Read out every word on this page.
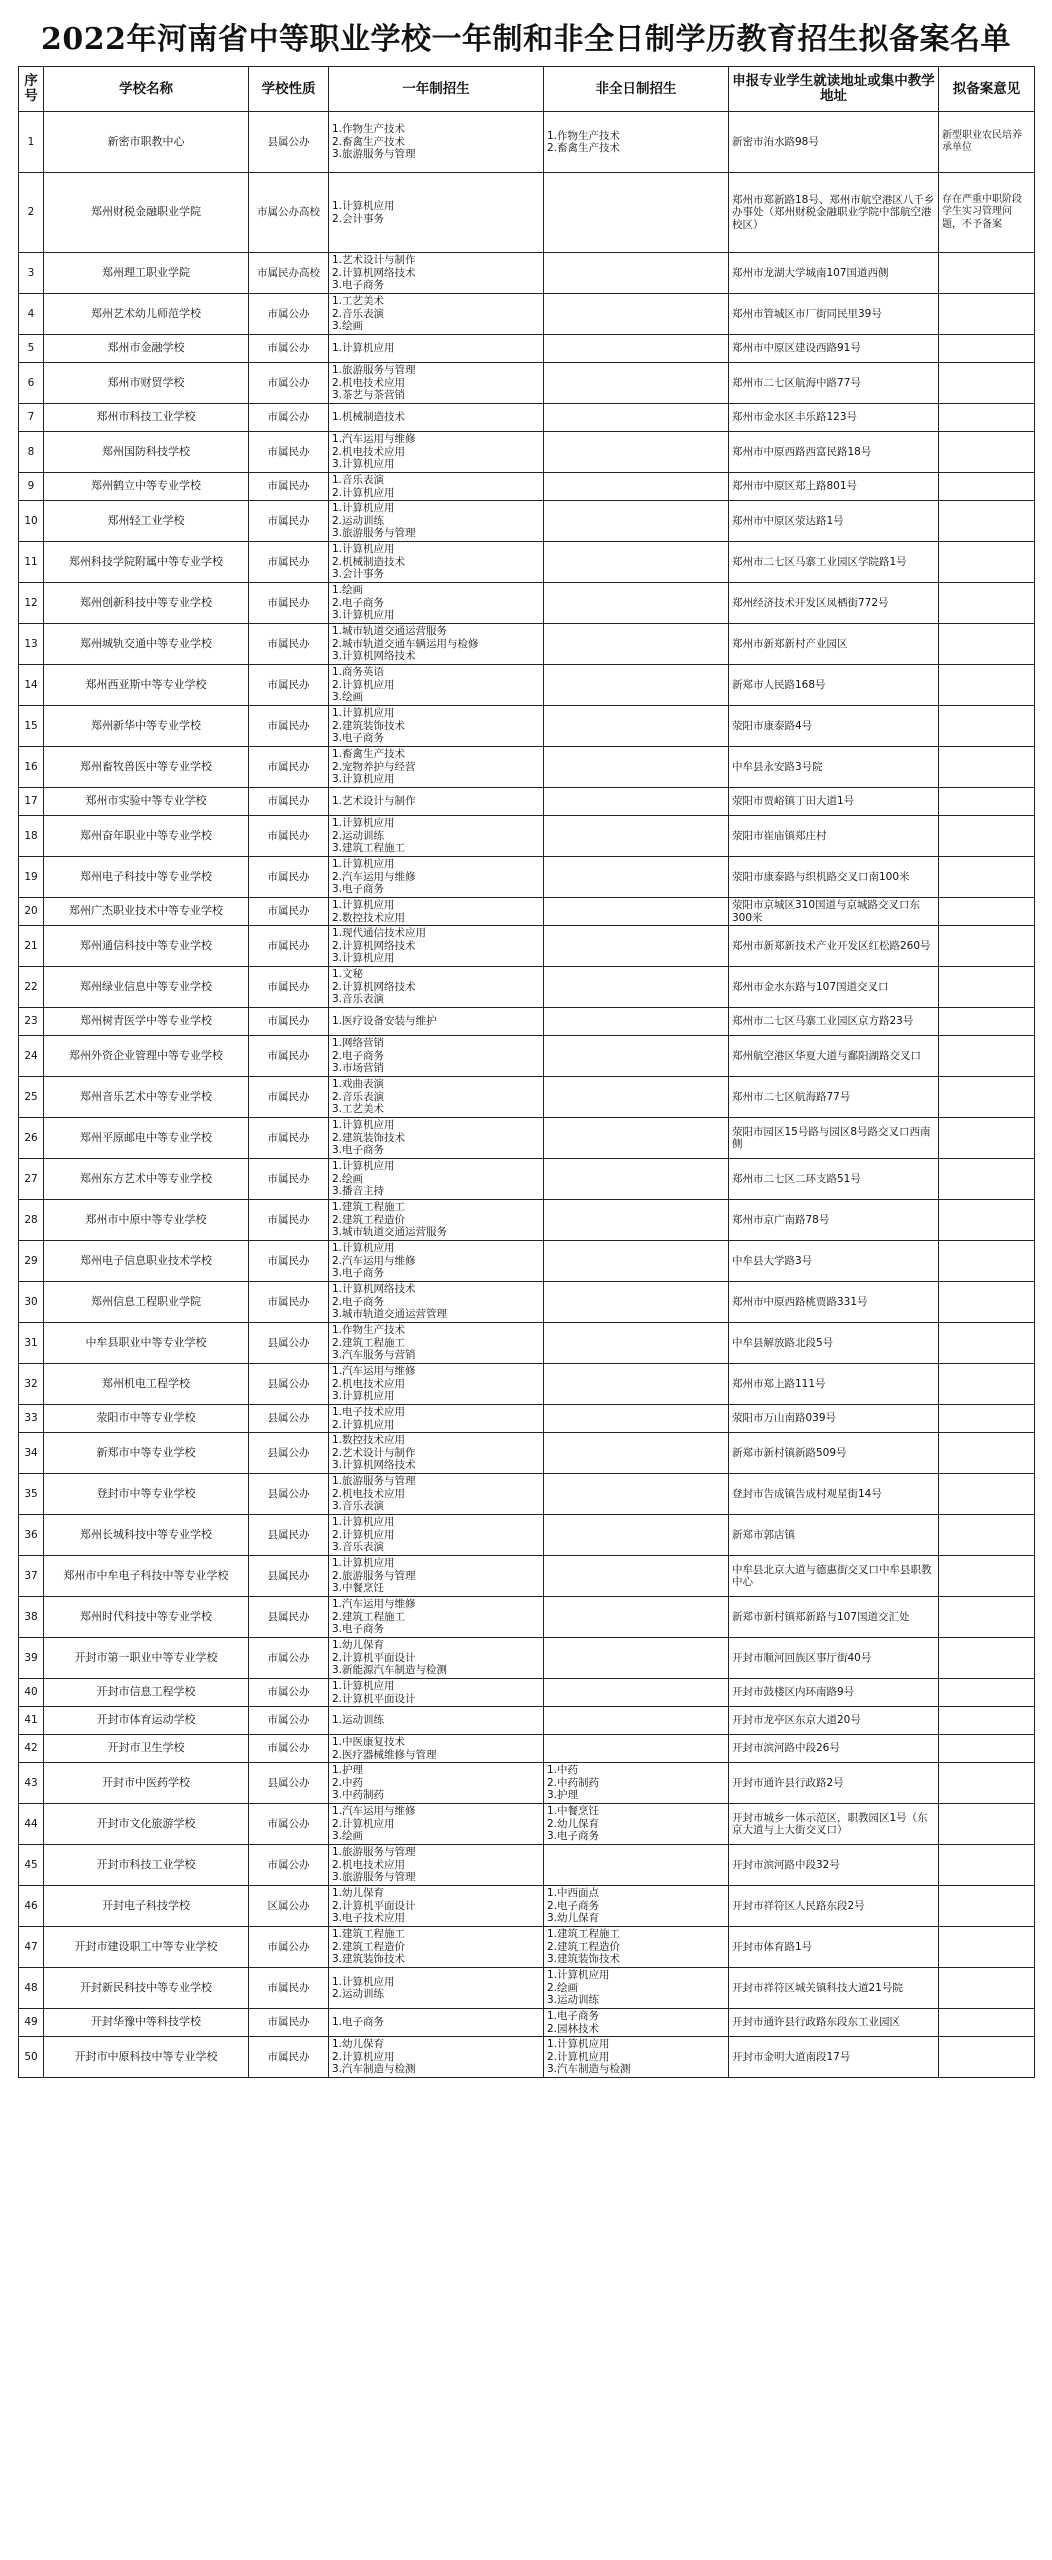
2022年河南省中等职业学校一年制和非全日制学历教育招生拟备案名单
序号	学校名称	学校性质	一年制招生	非全日制招生	申报专业学生就读地址或集中教学地址	拟备案意见
1	新密市职教中心	县属公办	1.作物生产技术
2.畜禽生产技术
3.旅游服务与管理	1.作物生产技术
2.畜禽生产技术	新密市洧水路98号	新型职业农民培养承单位
2	郑州财税金融职业学院	市属公办高校	1.计算机应用
2.会计事务		郑州市郑新路18号、郑州市航空港区八千乡办事处（郑州财税金融职业学院中部航空港校区）	存在严重中职阶段学生实习管理问题，不予备案
3	郑州理工职业学院	市属民办高校	1.艺术设计与制作
2.计算机网络技术
3.电子商务		郑州市龙湖大学城南107国道西侧	
4	郑州艺术幼儿师范学校	市属公办	1.工艺美术
2.音乐表演
3.绘画		郑州市管城区市厂街同民里39号	
5	郑州市金融学校	市属公办	1.计算机应用		郑州市中原区建设西路91号	
6	郑州市财贸学校	市属公办	1.旅游服务与管理
2.机电技术应用
3.茶艺与茶营销		郑州市二七区航海中路77号	
7	郑州市科技工业学校	市属公办	1.机械制造技术		郑州市金水区丰乐路123号	
8	郑州国防科技学校	市属民办	1.汽车运用与维修
2.机电技术应用
3.计算机应用		郑州市中原西路西富民路18号	
9	郑州鹤立中等专业学校	市属民办	1.音乐表演
2.计算机应用		郑州市中原区郑上路801号	
10	郑州轻工业学校	市属民办	1.计算机应用
2.运动训练
3.旅游服务与管理		郑州市中原区荥达路1号	
11	郑州科技学院附属中等专业学校	市属民办	1.计算机应用
2.机械制造技术
3.会计事务		郑州市二七区马寨工业园区学院路1号	
12	郑州创新科技中等专业学校	市属民办	1.绘画
2.电子商务
3.计算机应用		郑州经济技术开发区凤栖街772号	
13	郑州城轨交通中等专业学校	市属民办	1.城市轨道交通运营服务
2.城市轨道交通车辆运用与检修
3.计算机网络技术		郑州市新郑新村产业园区	
14	郑州西亚斯中等专业学校	市属民办	1.商务英语
2.计算机应用
3.绘画		新郑市人民路168号	
15	郑州新华中等专业学校	市属民办	1.计算机应用
2.建筑装饰技术
3.电子商务		荥阳市康泰路4号	
16	郑州畜牧兽医中等专业学校	市属民办	1.畜禽生产技术
2.宠物养护与经营
3.计算机应用		中牟县永安路3号院	
17	郑州市实验中等专业学校	市属民办	1.艺术设计与制作		荥阳市贾峪镇丁田大道1号	
18	郑州奋年职业中等专业学校	市属民办	1.计算机应用
2.运动训练
3.建筑工程施工		荥阳市崔庙镇郑庄村	
19	郑州电子科技中等专业学校	市属民办	1.计算机应用
2.汽车运用与维修
3.电子商务		荥阳市康泰路与织机路交叉口南100米	
20	郑州广杰职业技术中等专业学校	市属民办	1.计算机应用
2.数控技术应用		荥阳市京城区310国道与京城路交叉口东300米	
21	郑州通信科技中等专业学校	市属民办	1.现代通信技术应用
2.计算机网络技术
3.计算机应用		郑州市新郑新技术产业开发区红松路260号	
22	郑州绿业信息中等专业学校	市属民办	1.文秘
2.计算机网络技术
3.音乐表演		郑州市金水东路与107国道交叉口	
23	郑州树青医学中等专业学校	市属民办	1.医疗设备安装与维护		郑州市二七区马寨工业园区京方路23号	
24	郑州外资企业管理中等专业学校	市属民办	1.网络营销
2.电子商务
3.市场营销		郑州航空港区华夏大道与鄱阳湖路交叉口	
25	郑州音乐艺术中等专业学校	市属民办	1.戏曲表演
2.音乐表演
3.工艺美术		郑州市二七区航海路77号	
26	郑州平原邮电中等专业学校	市属民办	1.计算机应用
2.建筑装饰技术
3.电子商务		荥阳市园区15号路与园区8号路交叉口西南侧	
27	郑州东方艺术中等专业学校	市属民办	1.计算机应用
2.绘画
3.播音主持		郑州市二七区二环支路51号	
28	郑州市中原中等专业学校	市属民办	1.建筑工程施工
2.建筑工程造价
3.城市轨道交通运营服务		郑州市京广南路78号	
29	郑州电子信息职业技术学校	市属民办	1.计算机应用
2.汽车运用与维修
3.电子商务		中牟县大学路3号	
30	郑州信息工程职业学院	市属民办	1.计算机网络技术
2.电子商务
3.城市轨道交通运营管理		郑州市中原西路桃贾路331号	
31	中牟县职业中等专业学校	县属公办	1.作物生产技术
2.建筑工程施工
3.汽车服务与营销		中牟县解放路北段5号	
32	郑州机电工程学校	县属公办	1.汽车运用与维修
2.机电技术应用
3.计算机应用		郑州市郑上路111号	
33	荥阳市中等专业学校	县属公办	1.电子技术应用
2.计算机应用		荥阳市万山南路039号	
34	新郑市中等专业学校	县属公办	1.数控技术应用
2.艺术设计与制作
3.计算机网络技术		新郑市新村镇新路509号	
35	登封市中等专业学校	县属公办	1.旅游服务与管理
2.机电技术应用
3.音乐表演		登封市告成镇告成村观星街14号	
36	郑州长城科技中等专业学校	县属民办	1.计算机应用
2.计算机应用
3.音乐表演		新郑市郭店镇	
37	郑州市中牟电子科技中等专业学校	县属民办	1.计算机应用
2.旅游服务与管理
3.中餐烹饪		中牟县北京大道与德惠街交叉口中牟县职教中心	
38	郑州时代科技中等专业学校	县属民办	1.汽车运用与维修
2.建筑工程施工
3.电子商务		新郑市新村镇郑新路与107国道交汇处	
39	开封市第一职业中等专业学校	市属公办	1.幼儿保育
2.计算机平面设计
3.新能源汽车制造与检测		开封市顺河回族区事厅街40号	
40	开封市信息工程学校	市属公办	1.计算机应用
2.计算机平面设计		开封市鼓楼区内环南路9号	
41	开封市体育运动学校	市属公办	1.运动训练		开封市龙亭区东京大道20号	
42	开封市卫生学校	市属公办	1.中医康复技术
2.医疗器械维修与管理		开封市滨河路中段26号	
43	开封市中医药学校	县属公办	1.护理
2.中药
3.中药制药	1.中药
2.中药制药
3.护理	开封市通许县行政路2号	
44	开封市文化旅游学校	市属公办	1.汽车运用与维修
2.计算机应用
3.绘画	1.中餐烹饪
2.幼儿保育
3.电子商务	开封市城乡一体示范区，职教园区1号（东京大道与上大街交叉口）	
45	开封市科技工业学校	市属公办	1.旅游服务与管理
2.机电技术应用
3.旅游服务与管理		开封市滨河路中段32号	
46	开封电子科技学校	区属公办	1.幼儿保育
2.计算机平面设计
3.电子技术应用	1.中西面点
2.电子商务
3.幼儿保育	开封市祥符区人民路东段2号	
47	开封市建设职工中等专业学校	市属公办	1.建筑工程施工
2.建筑工程造价
3.建筑装饰技术	1.建筑工程施工
2.建筑工程造价
3.建筑装饰技术	开封市体育路1号	
48	开封新民科技中等专业学校	市属民办	1.计算机应用
2.运动训练	1.计算机应用
2.绘画
3.运动训练	开封市祥符区城关镇科技大道21号院	
49	开封华豫中等科技学校	市属民办	1.电子商务	1.电子商务
2.园林技术	开封市通许县行政路东段东工业园区	
50	开封市中原科技中等专业学校	市属民办	1.幼儿保育
2.计算机应用
3.汽车制造与检测	1.计算机应用
2.计算机应用
3.汽车制造与检测	开封市金明大道南段17号	
